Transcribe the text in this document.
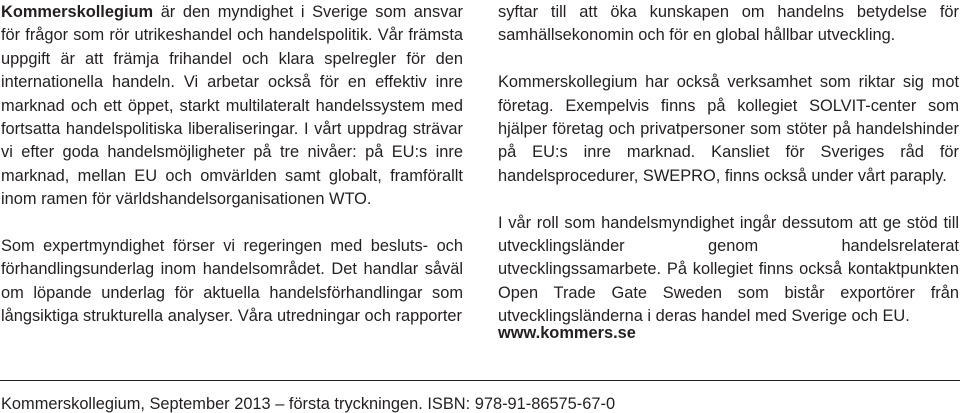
Kommerskollegium är den myndighet i Sverige som ansvar för frågor som rör utrikeshandel och handelspolitik. Vår främsta uppgift är att främja frihandel och klara spelregler för den internationella handeln. Vi arbetar också för en effektiv inre marknad och ett öppet, starkt multilateralt handelssystem med fortsatta handelspolitiska liberaliseringar. I vårt uppdrag strävar vi efter goda handelsmöjligheter på tre nivåer: på EU:s inre marknad, mellan EU och omvärlden samt globalt, framförallt inom ramen för världshandelsorganisationen WTO.

Som expertmyndighet förser vi regeringen med besluts- och förhandlingsunderlag inom handelsområdet. Det handlar såväl om löpande underlag för aktuella handelsförhandlingar som långsiktiga strukturella analyser. Våra utredningar och rapporter

syftar till att öka kunskapen om handelns betydelse för samhällsekonomin och för en global hållbar utveckling.

Kommerskollegium har också verksamhet som riktar sig mot företag. Exempelvis finns på kollegiet SOLVIT-center som hjälper företag och privatpersoner som stöter på handelshinder på EU:s inre marknad. Kansliet för Sveriges råd för handelsprocedurer, SWEPRO, finns också under vårt paraply.

I vår roll som handelsmyndighet ingår dessutom att ge stöd till utvecklingsländer genom handelsrelaterat utvecklingssamarbete. På kollegiet finns också kontaktpunkten Open Trade Gate Sweden som bistår exportörer från utvecklingsländerna i deras handel med Sverige och EU.

www.kommers.se
Kommerskollegium, September 2013 – första tryckningen. ISBN: 978-91-86575-67-0
